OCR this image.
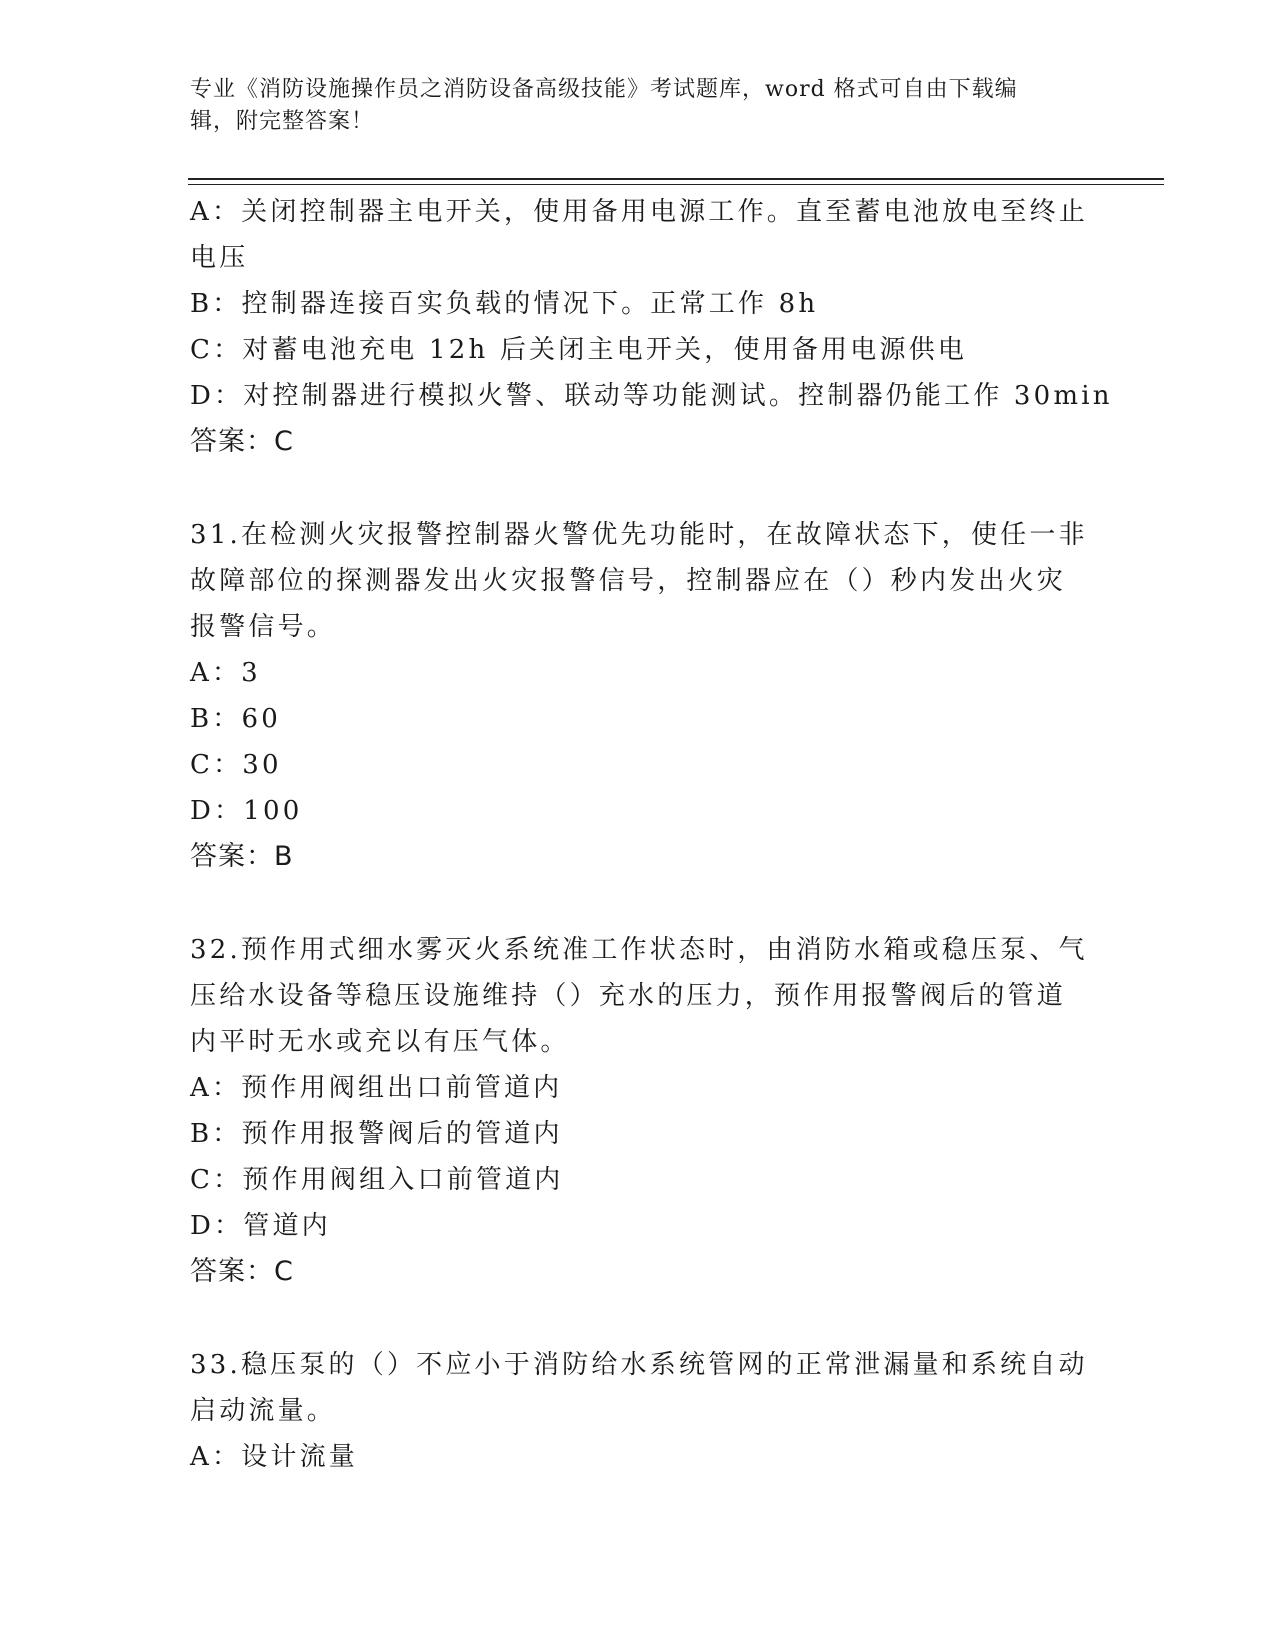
专业《消防设施操作员之消防设备高级技能》考试题库，word 格式可自由下载编
辑，附完整答案！
A：关闭控制器主电开关，使用备用电源工作。直至蓄电池放电至终止
电压
B：控制器连接百实负载的情况下。正常工作 8h
C：对蓄电池充电 12h 后关闭主电开关，使用备用电源供电
D：对控制器进行模拟火警、联动等功能测试。控制器仍能工作 30min
答案：C
31.在检测火灾报警控制器火警优先功能时，在故障状态下，使任一非
故障部位的探测器发出火灾报警信号，控制器应在（）秒内发出火灾
报警信号。
A：3
B：60
C：30
D：100
答案：B
32.预作用式细水雾灭火系统准工作状态时，由消防水箱或稳压泵、气
压给水设备等稳压设施维持（）充水的压力，预作用报警阀后的管道
内平时无水或充以有压气体。
A：预作用阀组出口前管道内
B：预作用报警阀后的管道内
C：预作用阀组入口前管道内
D：管道内
答案：C
33.稳压泵的（）不应小于消防给水系统管网的正常泄漏量和系统自动
启动流量。
A：设计流量
